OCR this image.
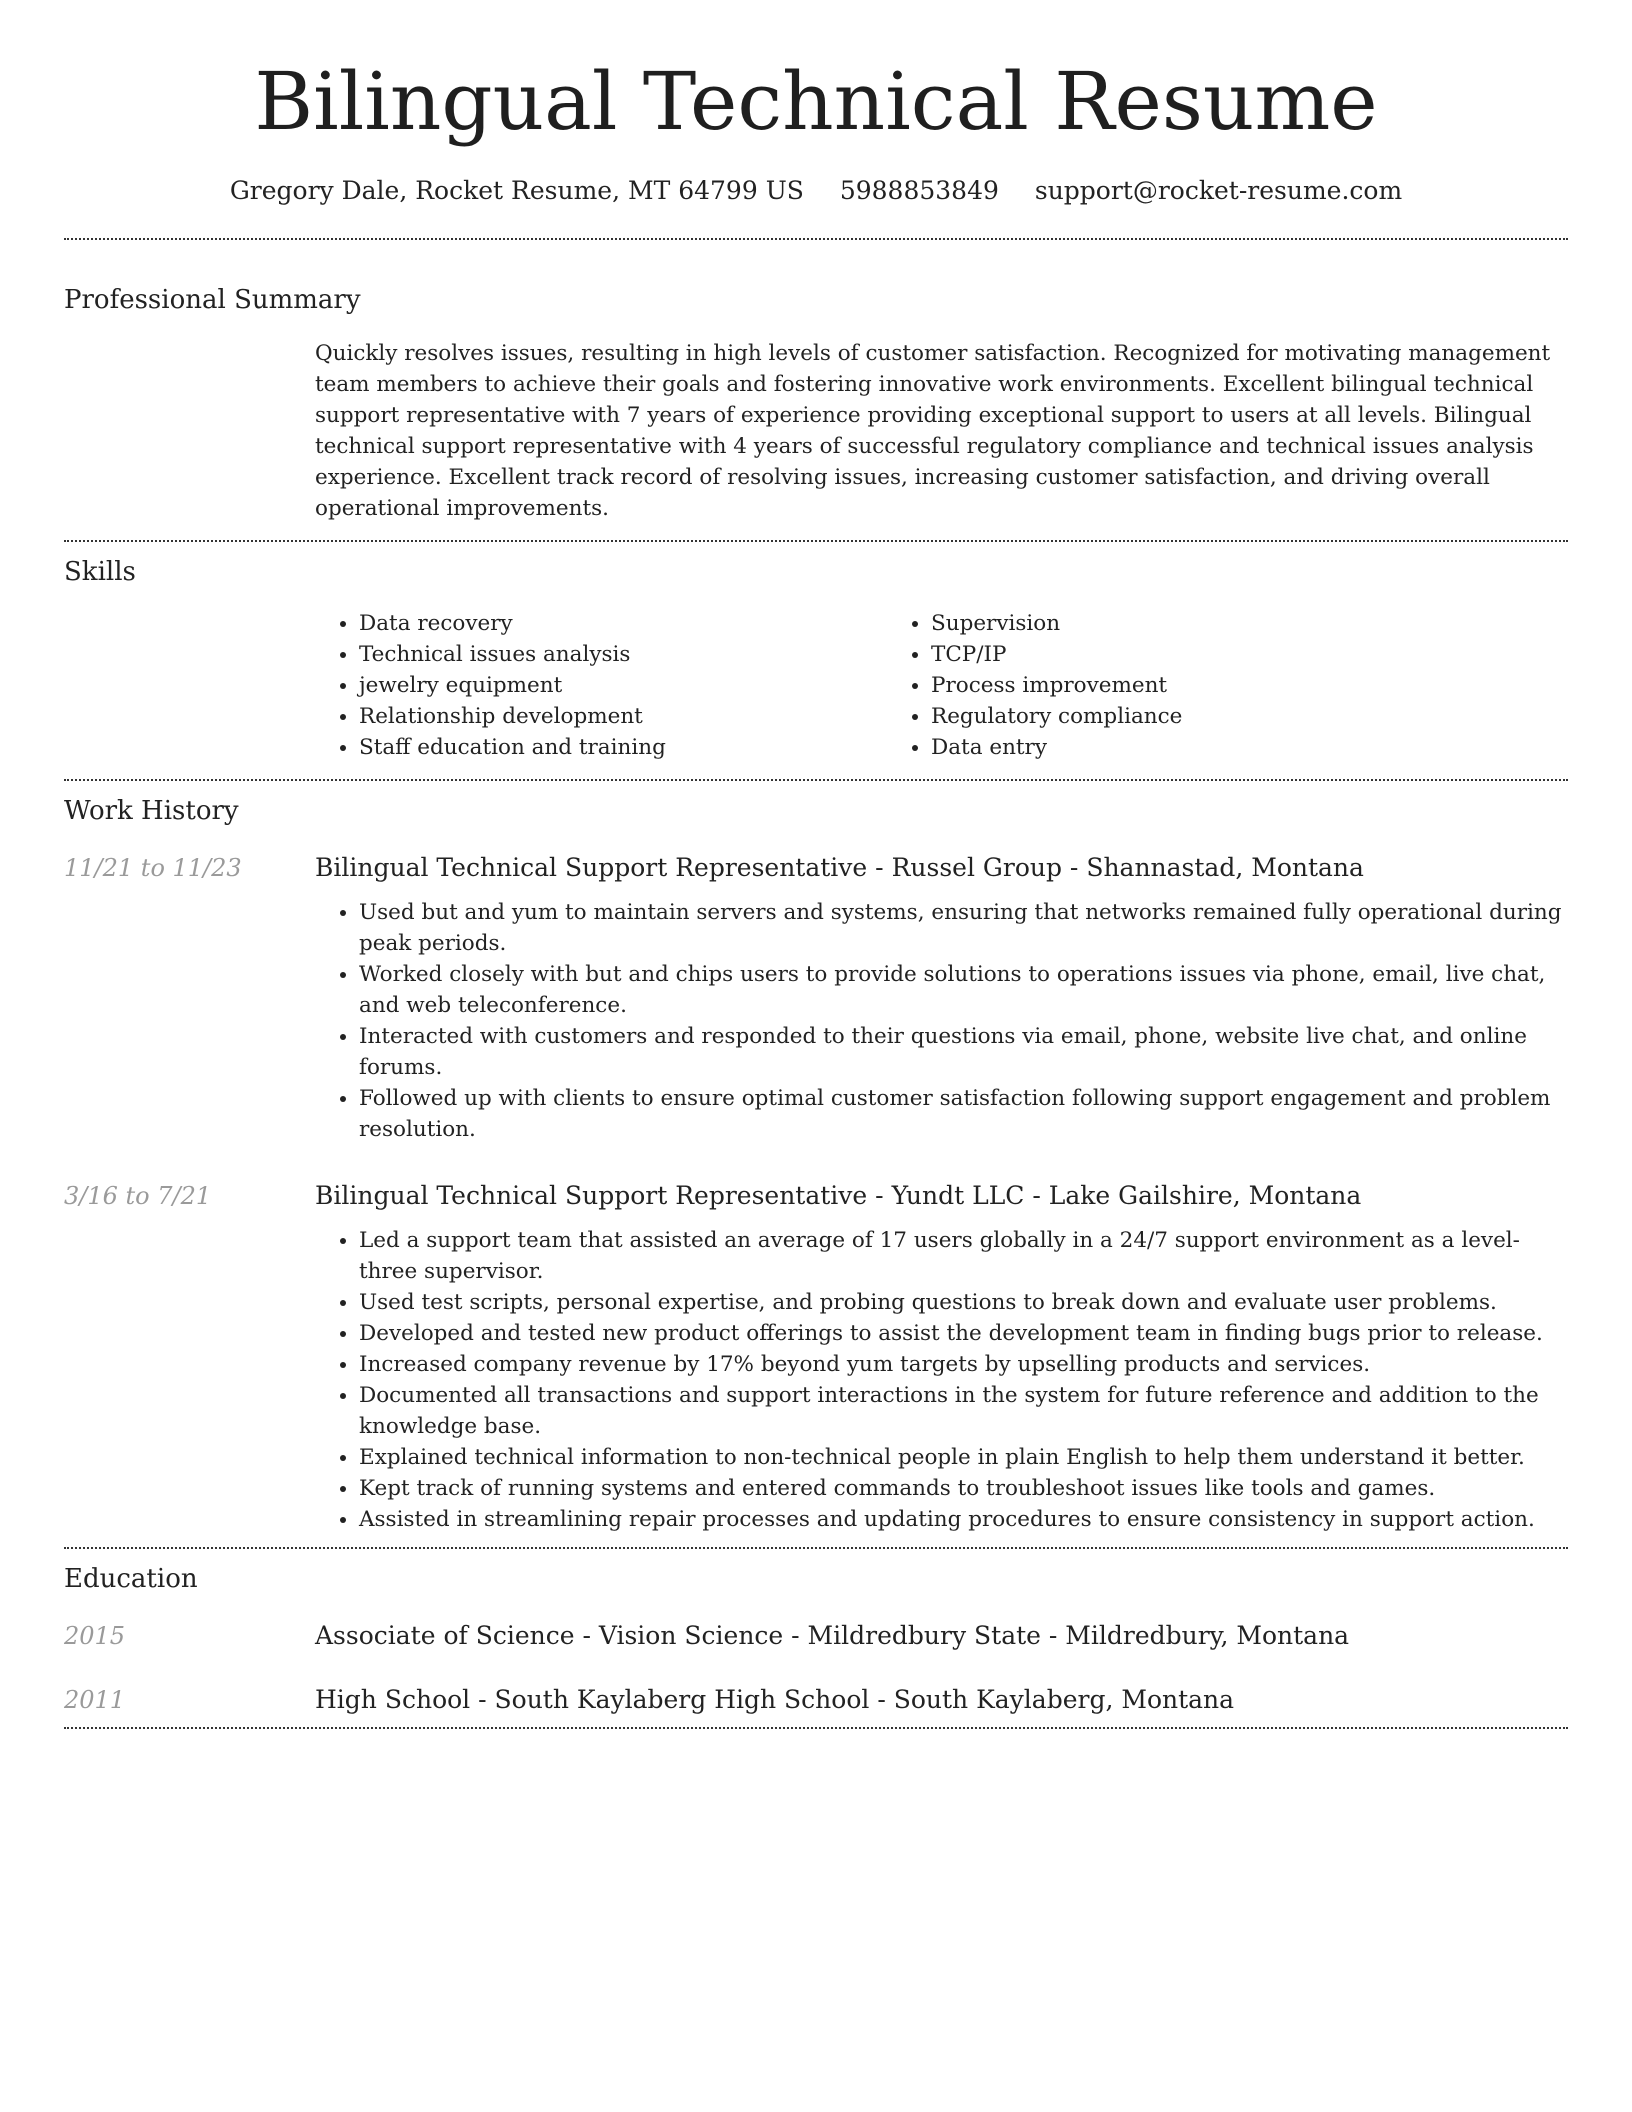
Bilingual Technical Resume
Gregory Dale, Rocket Resume, MT 64799 US 5988853849 support@rocket-resume.com
Professional Summary
Quickly resolves issues, resulting in high levels of customer satisfaction. Recognized for motivating management team members to achieve their goals and fostering innovative work environments. Excellent bilingual technical support representative with 7 years of experience providing exceptional support to users at all levels. Bilingual technical support representative with 4 years of successful regulatory compliance and technical issues analysis experience. Excellent track record of resolving issues, increasing customer satisfaction, and driving overall operational improvements.
Skills
• Data recovery
• Technical issues analysis
• jewelry equipment
• Relationship development
• Staff education and training
• Supervision
• TCP/IP
• Process improvement
• Regulatory compliance
• Data entry
Work History
11/21 to 11/23	Bilingual Technical Support Representative - Russel Group - Shannastad, Montana
• Used but and yum to maintain servers and systems, ensuring that networks remained fully operational during peak periods.
• Worked closely with but and chips users to provide solutions to operations issues via phone, email, live chat, and web teleconference.
• Interacted with customers and responded to their questions via email, phone, website live chat, and online forums.
• Followed up with clients to ensure optimal customer satisfaction following support engagement and problem resolution.
3/16 to 7/21	Bilingual Technical Support Representative - Yundt LLC - Lake Gailshire, Montana
• Led a support team that assisted an average of 17 users globally in a 24/7 support environment as a level-three supervisor.
• Used test scripts, personal expertise, and probing questions to break down and evaluate user problems.
• Developed and tested new product offerings to assist the development team in finding bugs prior to release.
• Increased company revenue by 17% beyond yum targets by upselling products and services.
• Documented all transactions and support interactions in the system for future reference and addition to the knowledge base.
• Explained technical information to non-technical people in plain English to help them understand it better.
• Kept track of running systems and entered commands to troubleshoot issues like tools and games.
• Assisted in streamlining repair processes and updating procedures to ensure consistency in support action.
Education
2015	Associate of Science - Vision Science - Mildredbury State - Mildredbury, Montana
2011	High School - South Kaylaberg High School - South Kaylaberg, Montana
